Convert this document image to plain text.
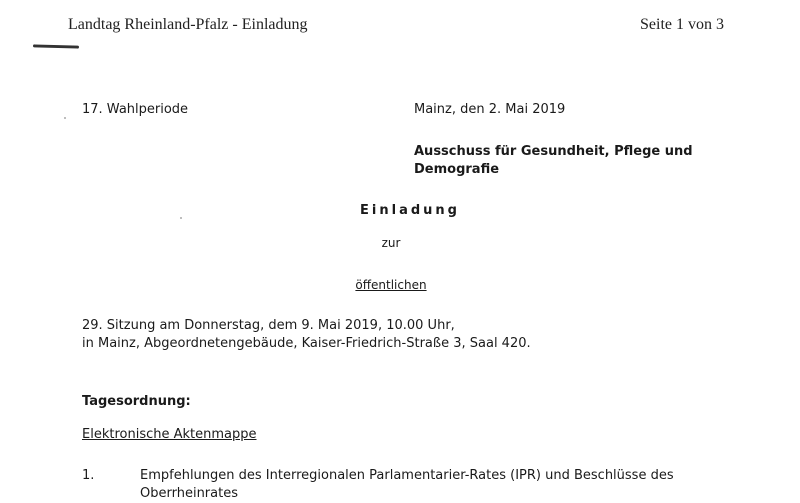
Landtag Rheinland-Pfalz - Einladung	Seite 1 von 3
17. Wahlperiode	Mainz, den 2. Mai 2019
Ausschuss für Gesundheit, Pflege und
Demografie
Einladung
zur
öffentlichen
29. Sitzung am Donnerstag, dem 9. Mai 2019, 10.00 Uhr,
in Mainz, Abgeordnetengebäude, Kaiser-Friedrich-Straße 3, Saal 420.
Tagesordnung:
Elektronische Aktenmappe
1.	Empfehlungen des Interregionalen Parlamentarier-Rates (IPR) und Beschlüsse des
Oberrheinrates
